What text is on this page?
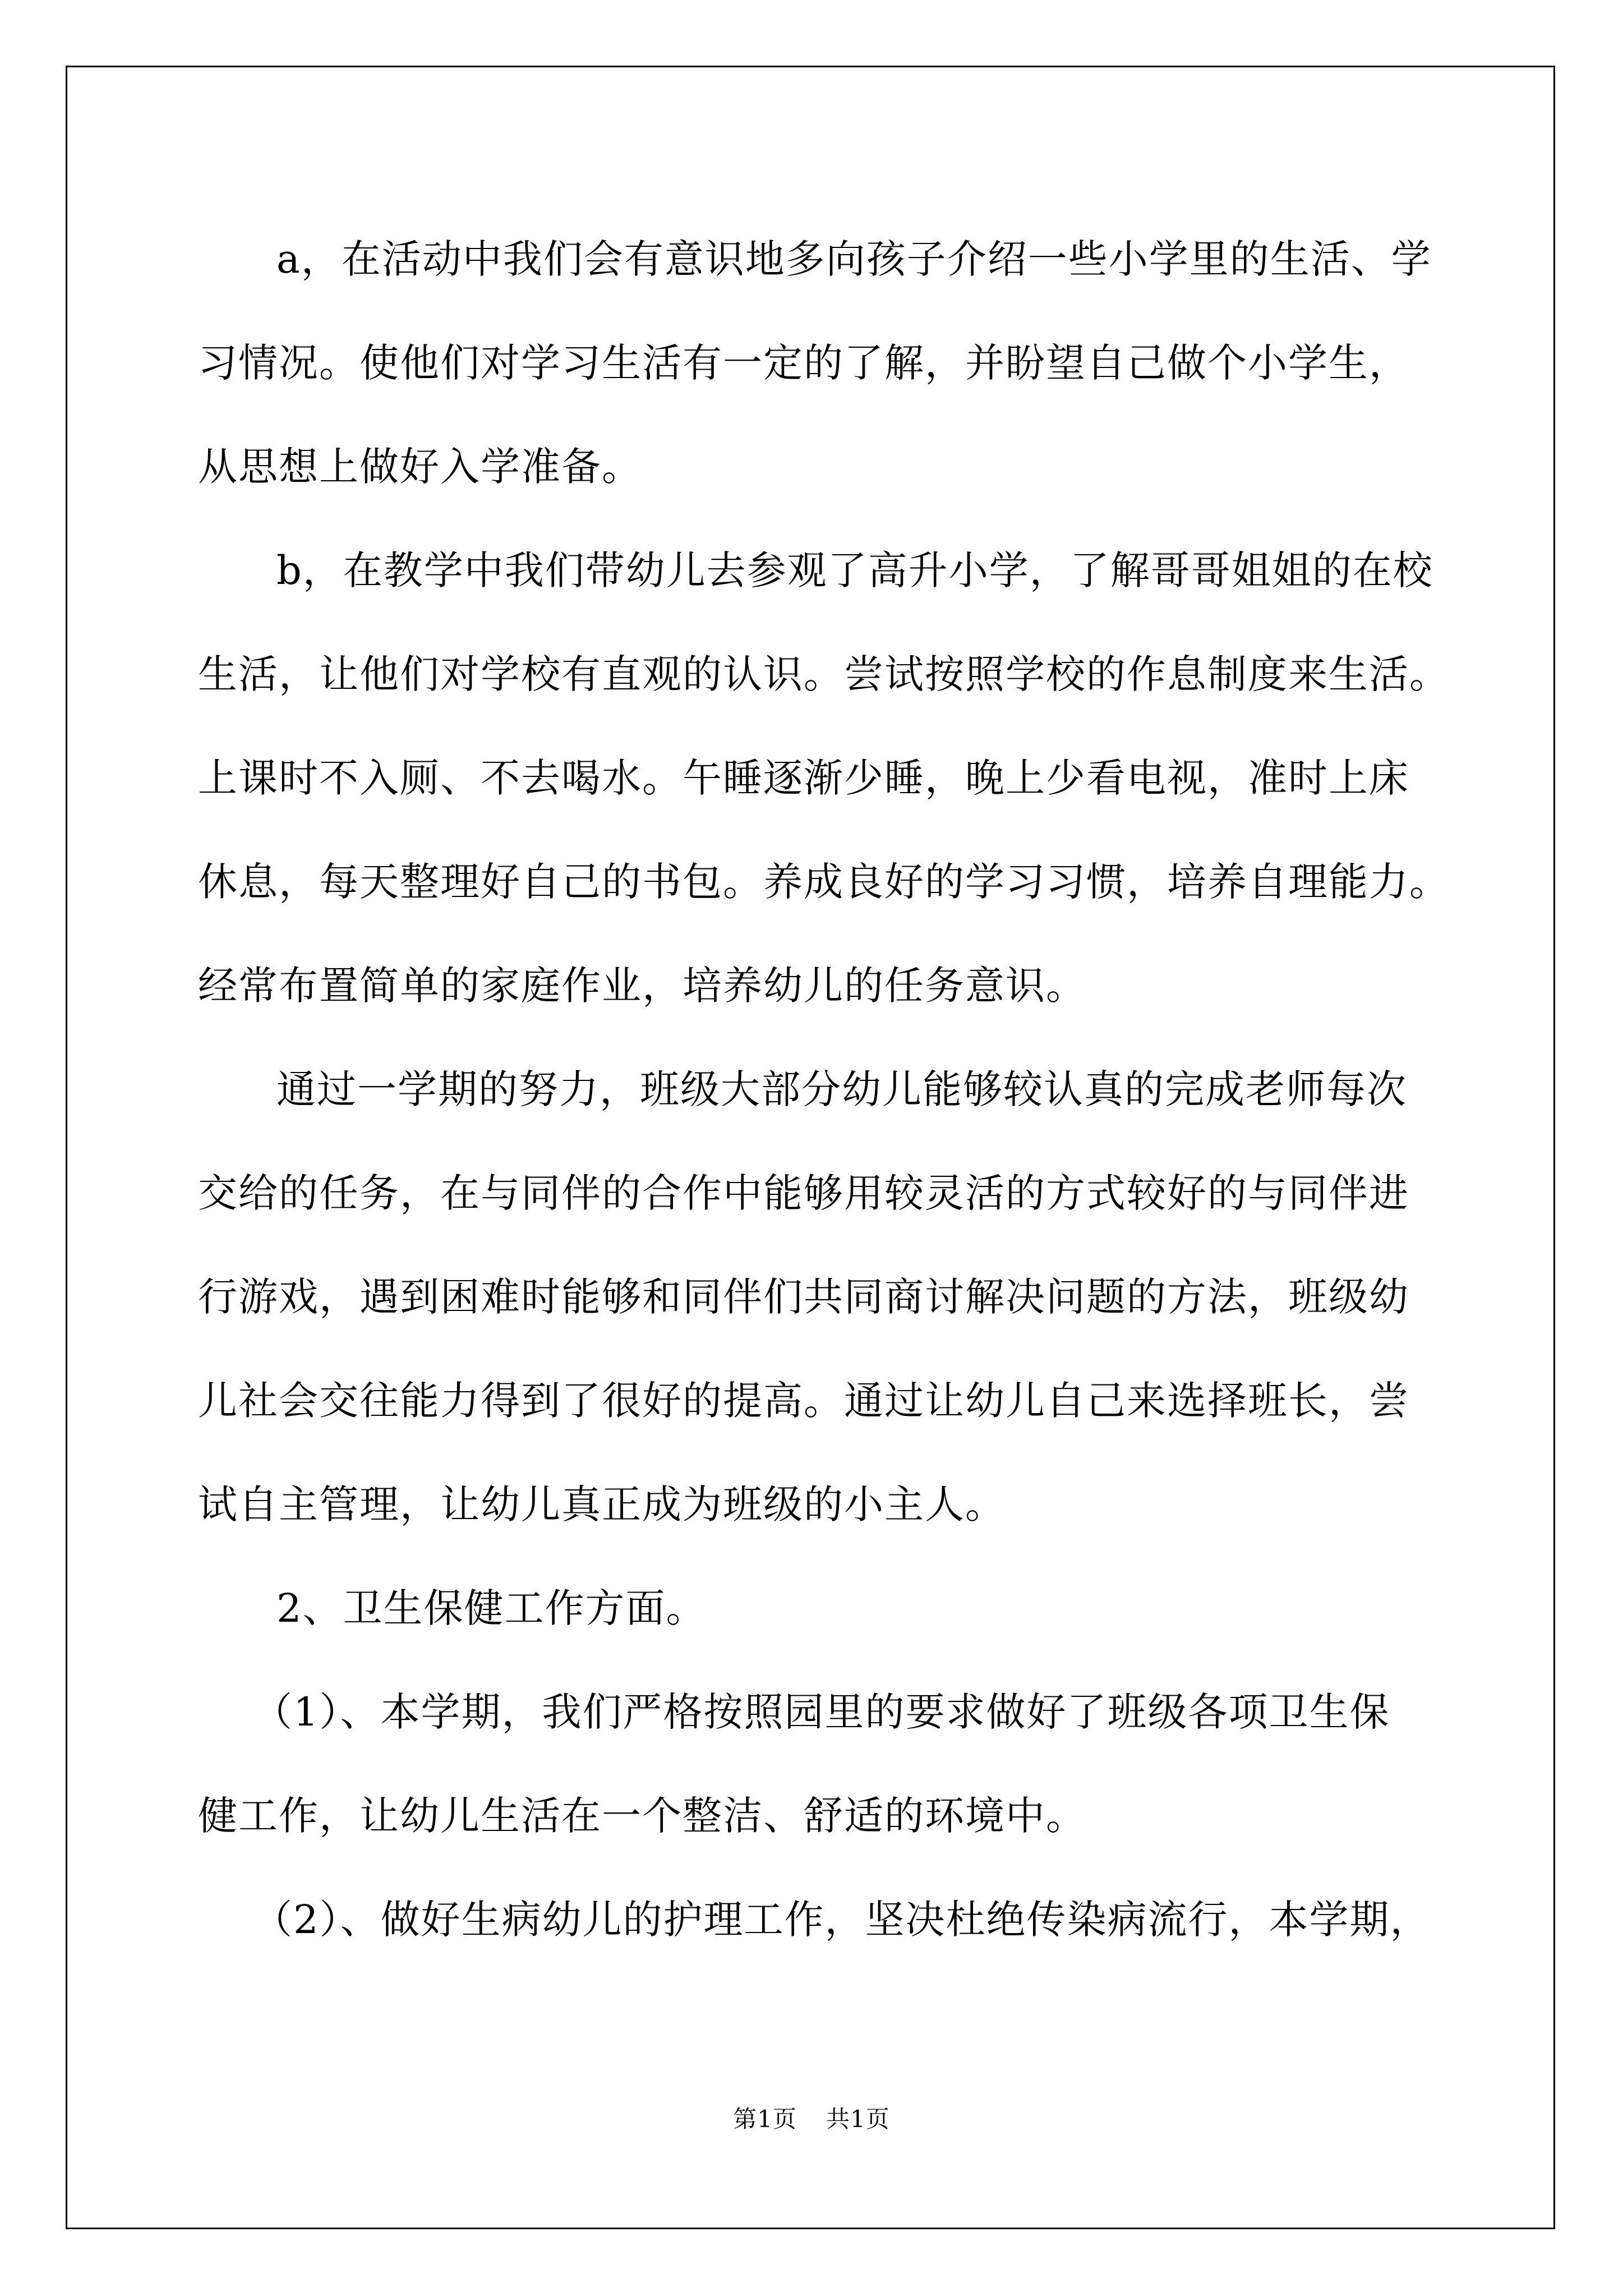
a，在活动中我们会有意识地多向孩子介绍一些小学里的生活、学
习情况。使他们对学习生活有一定的了解，并盼望自己做个小学生，
从思想上做好入学准备。

b，在教学中我们带幼儿去参观了高升小学，了解哥哥姐姐的在校
生活，让他们对学校有直观的认识。尝试按照学校的作息制度来生活。
上课时不入厕、不去喝水。午睡逐渐少睡，晚上少看电视，准时上床
休息，每天整理好自己的书包。养成良好的学习习惯，培养自理能力。
经常布置简单的家庭作业，培养幼儿的任务意识。

通过一学期的努力，班级大部分幼儿能够较认真的完成老师每次
交给的任务，在与同伴的合作中能够用较灵活的方式较好的与同伴进
行游戏，遇到困难时能够和同伴们共同商讨解决问题的方法，班级幼
儿社会交往能力得到了很好的提高。通过让幼儿自己来选择班长，尝
试自主管理，让幼儿真正成为班级的小主人。

2、卫生保健工作方面。

（1）、本学期，我们严格按照园里的要求做好了班级各项卫生保
健工作，让幼儿生活在一个整洁、舒适的环境中。

（2）、做好生病幼儿的护理工作，坚决杜绝传染病流行，本学期，

第1页 共1页
